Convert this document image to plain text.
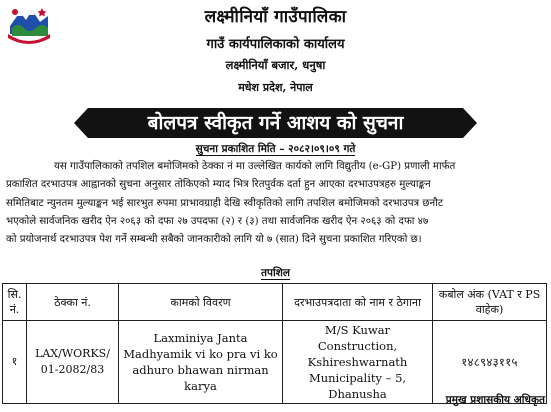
लक्ष्मीनियाँ गाउँपालिका
गाउँ कार्यपालिकाको कार्यालय
लक्ष्मीनियाँ बजार, धनुषा
मधेश प्रदेश, नेपाल
बोलपत्र स्वीकृत गर्ने आशय को सुचना
सुचना प्रकाशित मिति – २०८२।०९।०९ गते
यस गाउँपालिकाको तपशिल बमोजिमको ठेक्का नं मा उल्लेखित कार्यको लागि विद्युतीय (e-GP) प्रणाली मार्फत
प्रकाशित दरभाउपत्र आह्वानको सुचना अनुसार तोकिएको म्याद भित्र रितपुर्वक दर्ता हुन आएका दरभाउपत्रहरु मुल्याङ्कन
समितिबाट न्युनतम मुल्याङ्कन भई सारभुत रुपमा प्राभावग्राही देखि स्वीकृतिको लागि तपशिल बमोजिमको दरभाउपत्र छनौट
भएकोले सार्वजनिक खरीद ऐन २०६३ को दफा २७ उपदफा (२) र (३) तथा सार्वजनिक खरीद ऐन २०६३ को दफा ४७
को प्रयोजनार्थ दरभाउपत्र पेश गर्ने सम्बन्धी सबैको जानकारीको लागि यो ७ (सात) दिने सुचना प्रकाशित गरिएको छ।
तपशिल
सि. नं.	ठेक्का नं.	कामको विवरण	दरभाउपत्रदाता को नाम र ठेगाना	कबोल अंक (VAT र PS वाहेक)
१	LAX/WORKS/ 01-2082/83	Laxminiya Janta Madhyamik vi ko pra vi ko adhuro bhawan nirman karya	M/S Kuwar Construction, Kshireshwarnath Municipality – 5, Dhanusha	१४८९४३११५
प्रमुख प्रशासकीय अधिकृत
